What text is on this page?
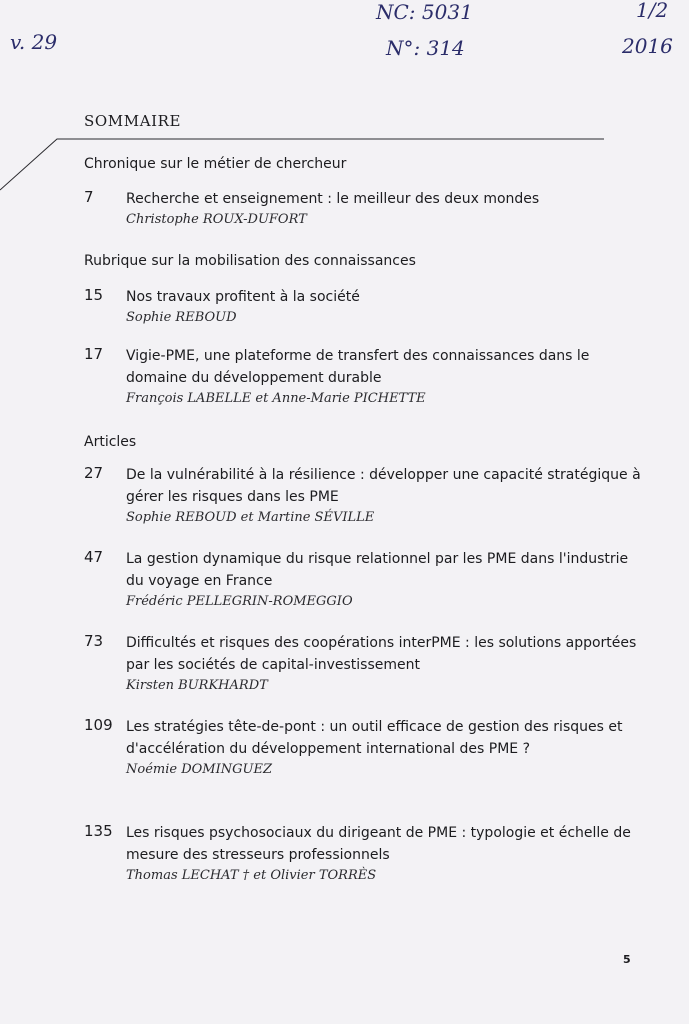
v. 29
NC: 5031
N°: 314
1/2
2016
SOMMAIRE
Chronique sur le métier de chercheur
7 Recherche et enseignement : le meilleur des deux mondes
Christophe ROUX-DUFORT
Rubrique sur la mobilisation des connaissances
15 Nos travaux profitent à la société
Sophie REBOUD
17 Vigie-PME, une plateforme de transfert des connaissances dans le domaine du développement durable
François LABELLE et Anne-Marie PICHETTE
Articles
27 De la vulnérabilité à la résilience : développer une capacité stratégique à gérer les risques dans les PME
Sophie REBOUD et Martine SÉVILLE
47 La gestion dynamique du risque relationnel par les PME dans l'industrie du voyage en France
Frédéric PELLEGRIN-ROMEGGIO
73 Difficultés et risques des coopérations interPME : les solutions apportées par les sociétés de capital-investissement
Kirsten BURKHARDT
109 Les stratégies tête-de-pont : un outil efficace de gestion des risques et d'accélération du développement international des PME ?
Noémie DOMINGUEZ
135 Les risques psychosociaux du dirigeant de PME : typologie et échelle de mesure des stresseurs professionnels
Thomas LECHAT † et Olivier TORRÈS
5
